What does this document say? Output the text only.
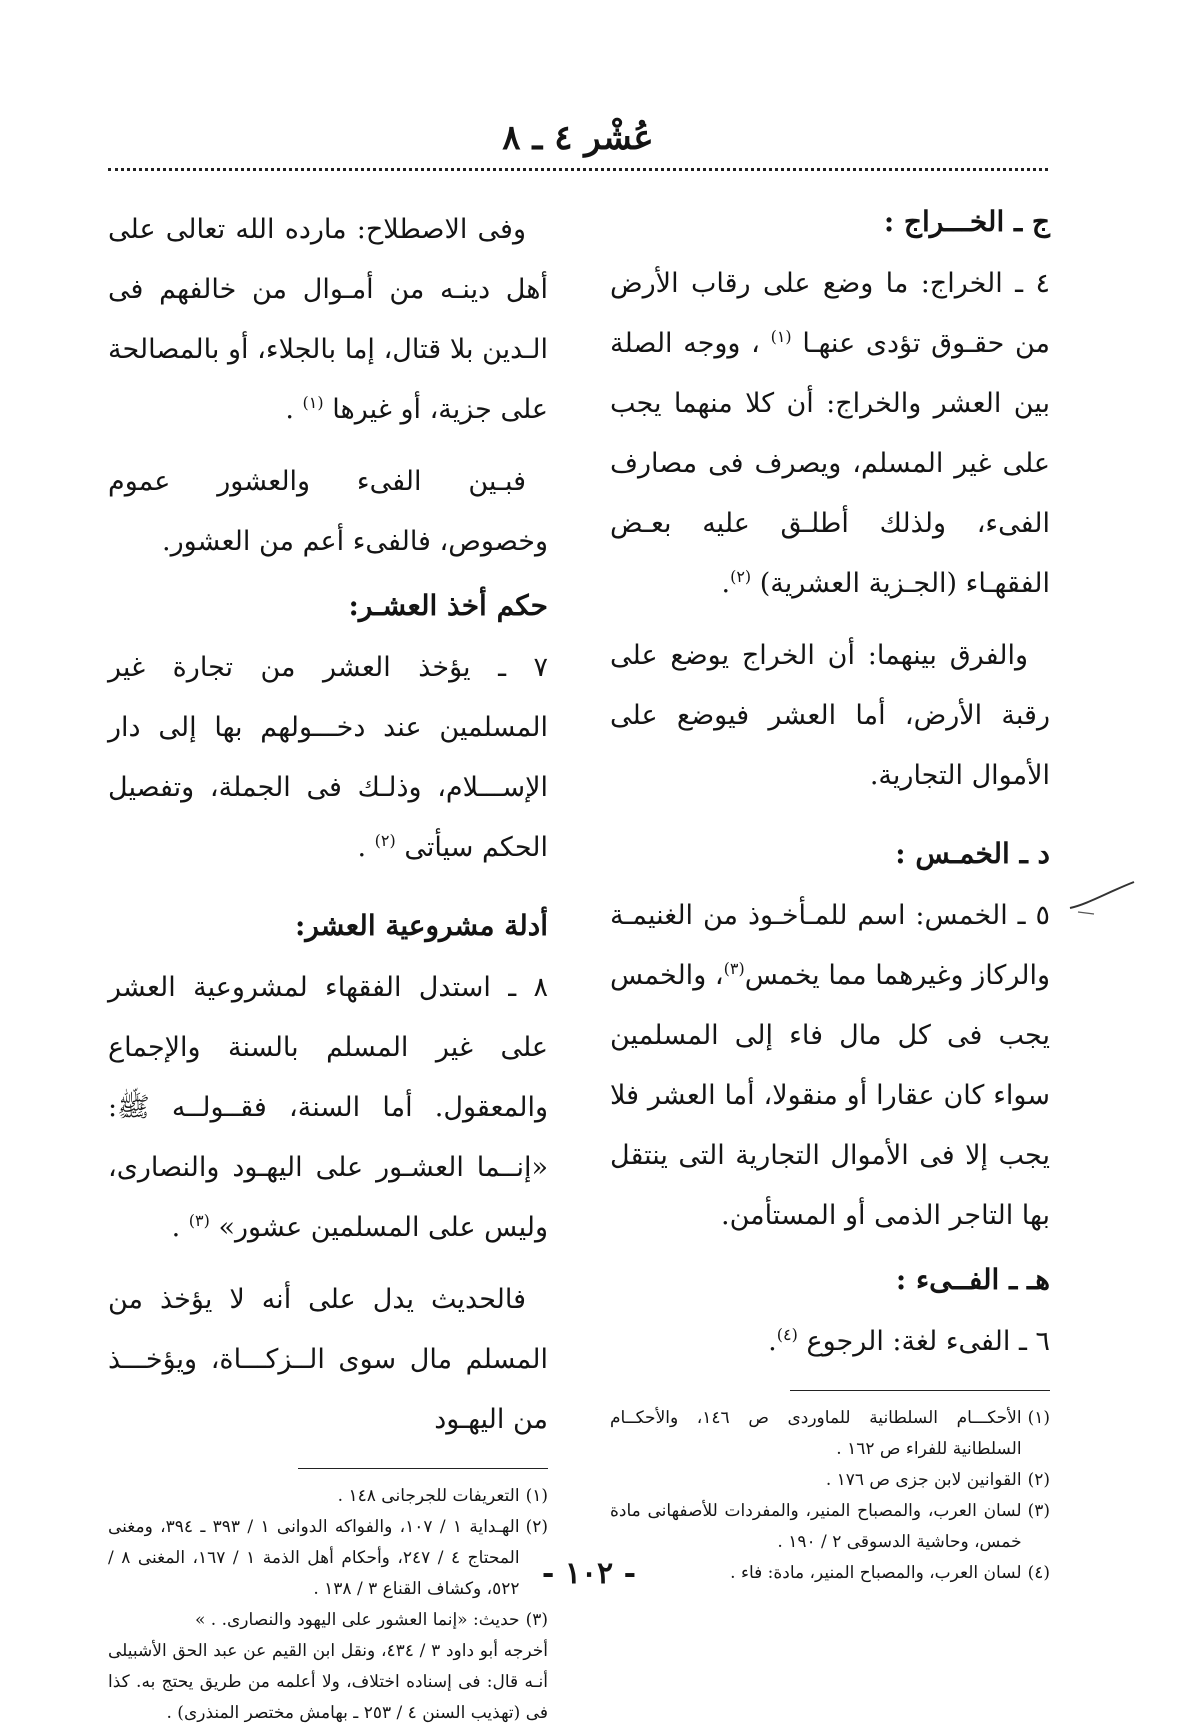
عُشْر ٤ ـ ٨
ج ـ الخـــراج :

٤ ـ الخراج: ما وضع على رقاب الأرض من حقـوق تؤدى عنهـا $^{(١)}$ ، ووجه الصلة بين العشر والخراج: أن كلا منهما يجب على غير المسلم، ويصرف فى مصارف الفىء، ولذلك أطلـق عليه بعـض الفقهـاء (الجـزية العشرية) $^{(٢)}$.

والفرق بينهما: أن الخراج يوضع على رقبة الأرض، أما العشر فيوضع على الأموال التجارية.

د ـ الخمـس :

٥ ـ الخمس: اسم للمـأخـوذ من الغنيمـة والركاز وغيرهما مما يخمس$^{(٣)}$، والخمس يجب فى كل مال فاء إلى المسلمين سواء كان عقارا أو منقولا، أما العشر فلا يجب إلا فى الأموال التجارية التى ينتقل بها التاجر الذمى أو المستأمن.

هـ ـ الفــىء :

٦ ـ الفىء لغة: الرجوع $^{(٤)}$.

(١)
الأحكـــام السلطانية للماوردى ص ١٤٦، والأحكــام السلطانية للفراء ص ١٦٢ .
(٢)
القوانين لابن جزى ص ١٧٦ .
(٣)
لسان العرب، والمصباح المنير، والمفردات للأصفهانى مادة خمس، وحاشية الدسوقى ٢ / ١٩٠ .
(٤)
لسان العرب، والمصباح المنير، مادة: فاء .

وفى الاصطلاح: مارده الله تعالى على أهل دينـه من أمـوال من خالفهم فى الـدين بلا قتال، إما بالجلاء، أو بالمصالحة على جزية، أو غيرها $^{(١)}$ .

فبـين الفىء والعشور عموم وخصوص، فالفىء أعم من العشور.

حكم أخذ العشـر:

٧ ـ يؤخذ العشر من تجارة غير المسلمين عند دخـــولهم بها إلى دار الإســـلام، وذلـك فى الجملة، وتفصيل الحكم سيأتى $^{(٢)}$ .

أدلة مشروعية العشر:

٨ ـ استدل الفقهاء لمشروعية العشر على غير المسلم بالسنة والإجماع والمعقول. أما السنة، فقــولــه ﷺ: «إنــما العشـور على اليهـود والنصارى، وليس على المسلمين عشور» $^{(٣)}$ .

فالحديث يدل على أنه لا يؤخذ من المسلم مال سوى الــزكـــاة، ويؤخـــذ من اليهـود

(١)
التعريفات للجرجانى ١٤٨ .
(٢)
الهـداية ١ / ١٠٧، والفواكه الدوانى ١ / ٣٩٣ ـ ٣٩٤، ومغنى المحتاج ٤ / ٢٤٧، وأحكام أهل الذمة ١ / ١٦٧، المغنى ٨ / ٥٢٢، وكشاف القناع ٣ / ١٣٨ .
(٣)
حديث: «إنما العشور على اليهود والنصارى. . »
أخرجه أبو داود ٣ / ٤٣٤، ونقل ابن القيم عن عبد الحق الأشبيلى أنـه قال: فى إسناده اختلاف، ولا أعلمه من طريق يحتج به. كذا فى (تهذيب السنن ٤ / ٢٥٣ ـ بهامش مختصر المنذرى) .
- ١٠٢ -
